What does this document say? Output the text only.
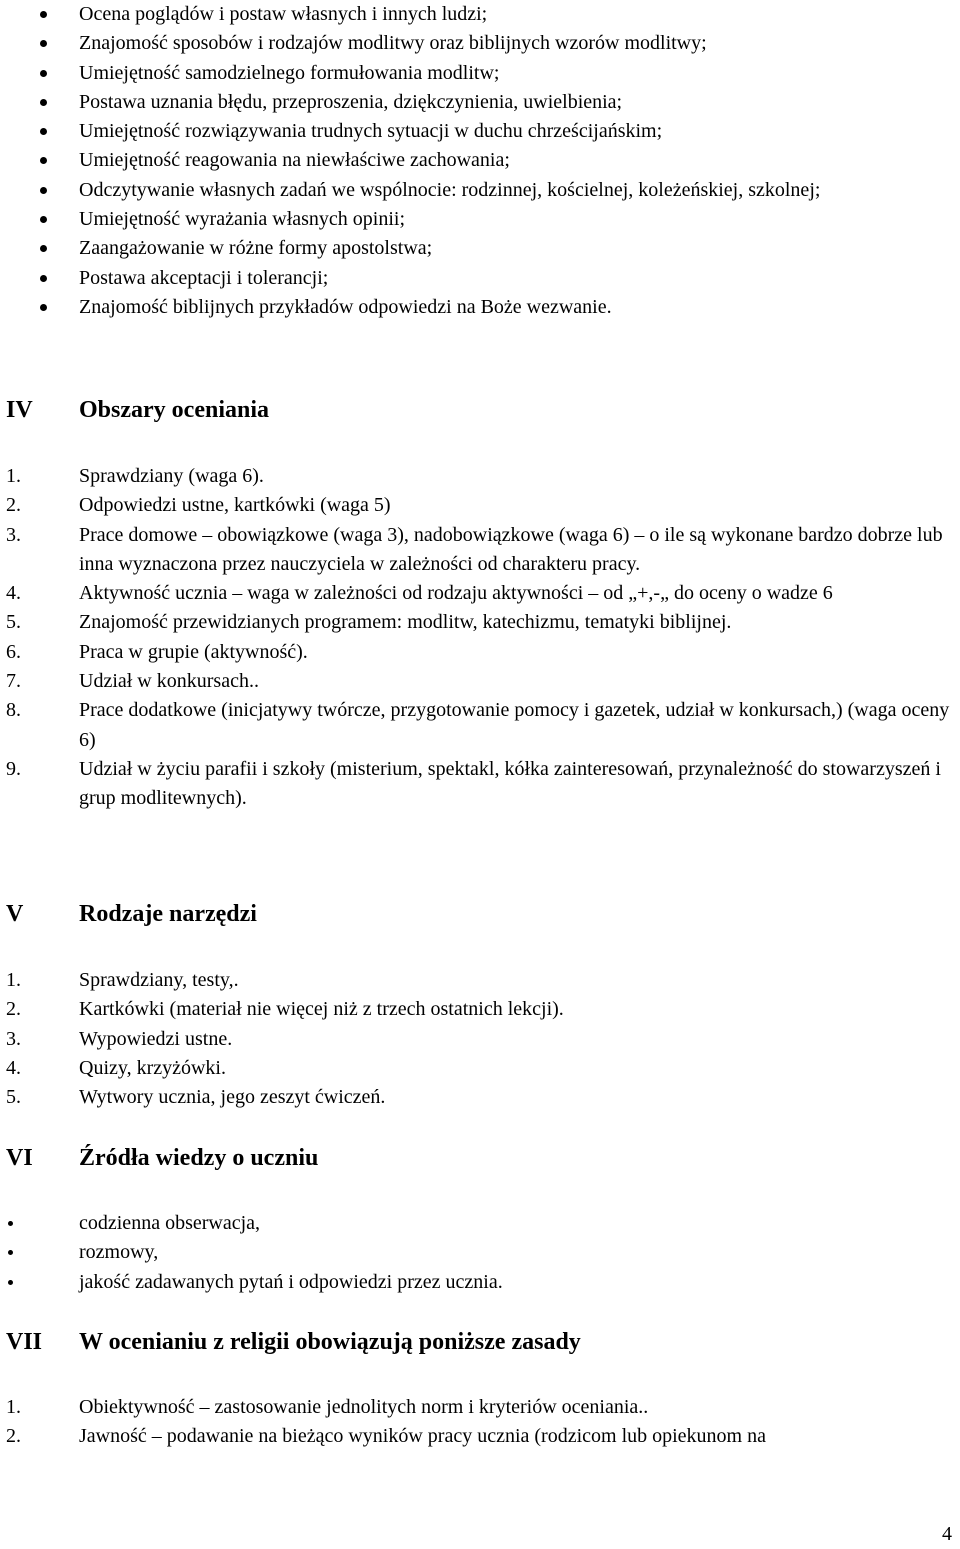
Ocena poglądów i postaw własnych i innych ludzi;
Znajomość sposobów i rodzajów modlitwy oraz biblijnych wzorów modlitwy;
Umiejętność samodzielnego formułowania modlitw;
Postawa uznania błędu, przeproszenia, dziękczynienia, uwielbienia;
Umiejętność rozwiązywania trudnych sytuacji w duchu chrześcijańskim;
Umiejętność reagowania na niewłaściwe zachowania;
Odczytywanie własnych zadań we wspólnocie: rodzinnej, kościelnej, koleżeńskiej, szkolnej;
Umiejętność wyrażania własnych opinii;
Zaangażowanie w różne formy apostolstwa;
Postawa akceptacji i tolerancji;
Znajomość biblijnych przykładów odpowiedzi na Boże wezwanie.
IV Obszary oceniania
1.	Sprawdziany (waga 6).
2.	Odpowiedzi ustne, kartkówki (waga 5)
3.	Prace domowe – obowiązkowe (waga 3), nadobowiązkowe (waga 6) – o ile są wykonane bardzo dobrze lub inna wyznaczona przez nauczyciela w zależności od charakteru pracy.
4.	Aktywność ucznia – waga w zależności od rodzaju aktywności – od „+,-„ do oceny o wadze 6
5.	Znajomość przewidzianych programem: modlitw, katechizmu, tematyki biblijnej.
6.	Praca w grupie (aktywność).
7.	Udział w konkursach..
8.	Prace dodatkowe (inicjatywy twórcze, przygotowanie pomocy i gazetek, udział w konkursach,) (waga oceny 6)
9.	Udział w życiu parafii i szkoły (misterium, spektakl, kółka zainteresowań, przynależność do stowarzyszeń i grup modlitewnych).
V Rodzaje narzędzi
1.	Sprawdziany, testy,.
2.	Kartkówki (materiał nie więcej niż z trzech ostatnich lekcji).
3.	Wypowiedzi ustne.
4.	Quizy, krzyżówki.
5.	Wytwory ucznia, jego zeszyt ćwiczeń.
VI Źródła wiedzy o uczniu
codzienna obserwacja,
rozmowy,
jakość zadawanych pytań i odpowiedzi przez ucznia.
VII W ocenianiu z religii obowiązują poniższe zasady
1.	Obiektywność – zastosowanie jednolitych norm i kryteriów oceniania..
2.	Jawność – podawanie na bieżąco wyników pracy ucznia (rodzicom lub opiekunom na
4
